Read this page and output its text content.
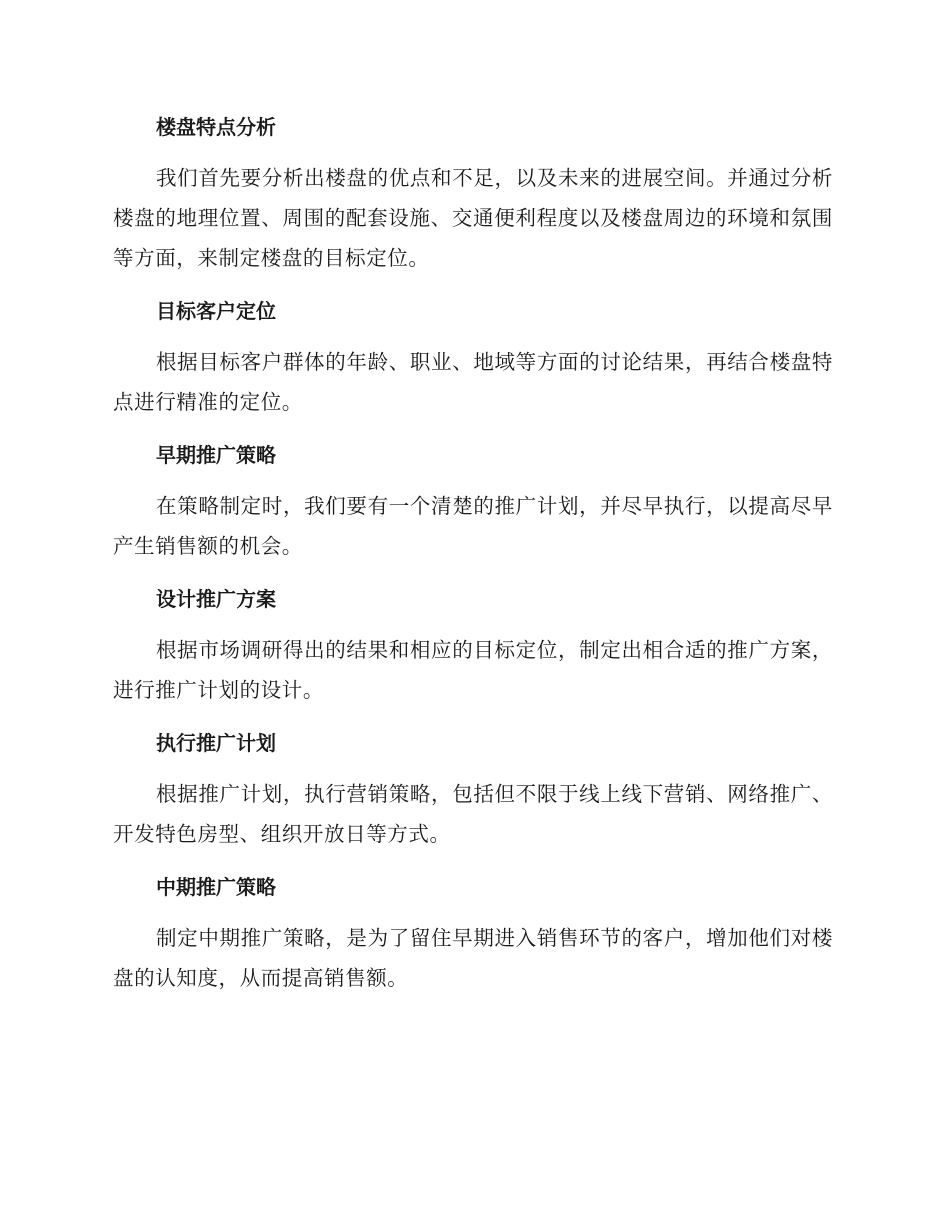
楼盘特点分析

我们首先要分析出楼盘的优点和不足，以及未来的进展空间。并通过分析楼盘的地理位置、周围的配套设施、交通便利程度以及楼盘周边的环境和氛围等方面，来制定楼盘的目标定位。

目标客户定位

根据目标客户群体的年龄、职业、地域等方面的讨论结果，再结合楼盘特点进行精准的定位。

早期推广策略

在策略制定时，我们要有一个清楚的推广计划，并尽早执行，以提高尽早产生销售额的机会。

设计推广方案

根据市场调研得出的结果和相应的目标定位，制定出相合适的推广方案，进行推广计划的设计。

执行推广计划

根据推广计划，执行营销策略，包括但不限于线上线下营销、网络推广、开发特色房型、组织开放日等方式。

中期推广策略

制定中期推广策略，是为了留住早期进入销售环节的客户，增加他们对楼盘的认知度，从而提高销售额。
